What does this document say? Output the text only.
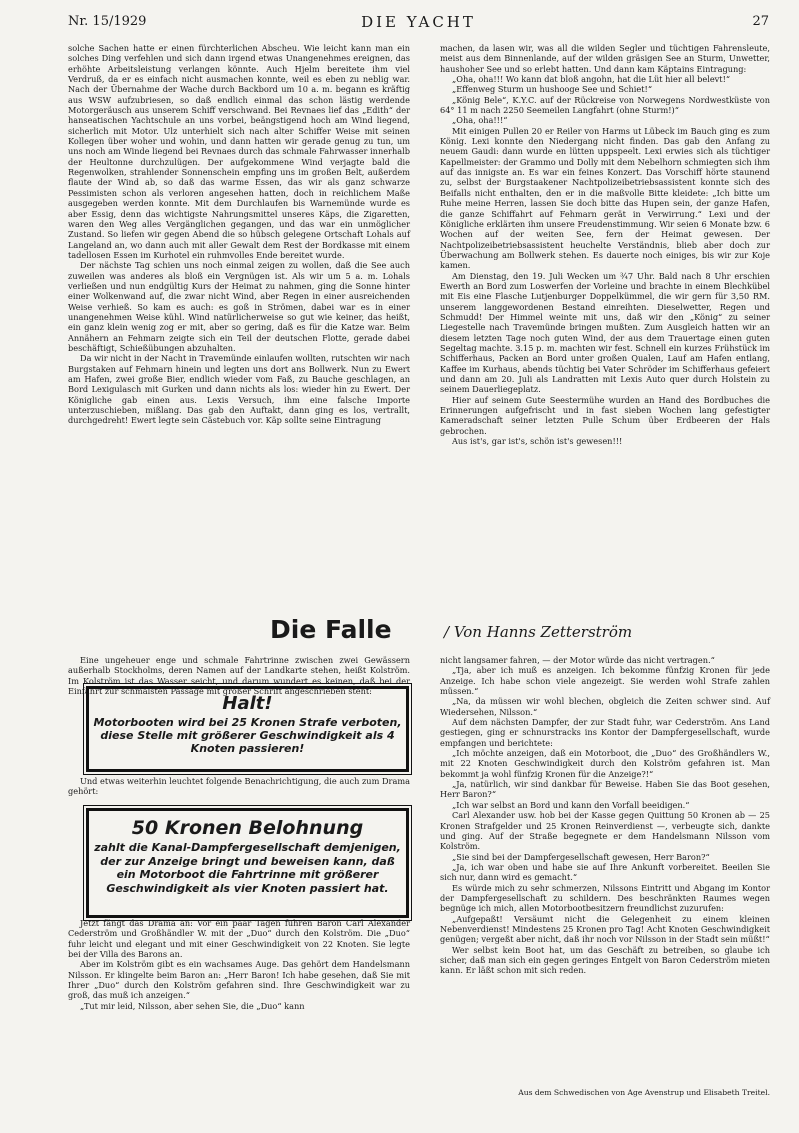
Nr. 15/1929	DIE YACHT	27

solche Sachen hatte er einen fürchterlichen Abscheu. Wie leicht kann man ein solches Ding verfehlen und sich dann irgend etwas Unangenehmes ereignen, das erhöhte Arbeitsleistung verlangen könnte. Auch Hjelm bereitete ihm viel Verdruß, da er es einfach nicht ausmachen konnte, weil es eben zu neblig war. Nach der Übernahme der Wache durch Backbord um 10 a. m. begann es kräftig aus WSW aufzubriesen, so daß endlich einmal das schon lästig werdende Motorgeräusch aus unserem Schiff verschwand. Bei Revnaes lief das „Edith“ der hanseatischen Yachtschule an uns vorbei, beängstigend hoch am Wind liegend, sicherlich mit Motor. Ulz unterhielt sich nach alter Schiffer Weise mit seinen Kollegen über woher und wohin, und dann hatten wir gerade genug zu tun, um uns noch am Winde liegend bei Revnaes durch das schmale Fahrwasser innerhalb der Heultonne durchzulügen. Der aufgekommene Wind verjagte bald die Regenwolken, strahlender Sonnenschein empfing uns im großen Belt, außerdem flaute der Wind ab, so daß das warme Essen, das wir als ganz schwarze Pessimisten schon als verloren angesehen hatten, doch in reichlichem Maße ausgegeben werden konnte. Mit dem Durchlaufen bis Warnemünde wurde es aber Essig, denn das wichtigste Nahrungsmittel unseres Käps, die Zigaretten, waren den Weg alles Vergänglichen gegangen, und das war ein unmöglicher Zustand. So liefen wir gegen Abend die so hübsch gelegene Ortschaft Lohals auf Langeland an, wo dann auch mit aller Gewalt dem Rest der Bordkasse mit einem tadellosen Essen im Kurhotel ein ruhmvolles Ende bereitet wurde.

Der nächste Tag schien uns noch einmal zeigen zu wollen, daß die See auch zuweilen was anderes als bloß ein Vergnügen ist. Als wir um 5 a. m. Lohals verließen und nun endgültig Kurs der Heimat zu nahmen, ging die Sonne hinter einer Wolkenwand auf, die zwar nicht Wind, aber Regen in einer ausreichenden Weise verhieß. So kam es auch: es goß in Strömen, dabei war es in einer unangenehmen Weise kühl. Wind natürlicherweise so gut wie keiner, das heißt, ein ganz klein wenig zog er mit, aber so gering, daß es für die Katze war. Beim Annähern an Fehmarn zeigte sich ein Teil der deutschen Flotte, gerade dabei beschäftigt, Schießübungen abzuhalten.

Da wir nicht in der Nacht in Travemünde einlaufen wollten, rutschten wir nach Burgstaken auf Fehmarn hinein und legten uns dort ans Bollwerk. Nun zu Ewert am Hafen, zwei große Bier, endlich wieder vom Faß, zu Bauche geschlagen, an Bord Lexigulasch mit Gurken und dann nichts als los: wieder hin zu Ewert. Der Königliche gab einen aus. Lexis Versuch, ihm eine falsche Importe unterzuschieben, mißlang. Das gab den Auftakt, dann ging es los, vertrallt, durchgedreht! Ewert legte sein Cästebuch vor. Käp sollte seine Eintragung

machen, da lasen wir, was all die wilden Segler und tüchtigen Fahrensleute, meist aus dem Binnenlande, auf der wilden gräsigen See an Sturm, Unwetter, haushoher See und so erlebt hatten. Und dann kam Käptains Eintragung:

„Oha, oha!!! Wo kann dat bloß angohn, hat die Lüt hier all belevt!“

„Effenweg Sturm un hushooge See und Schiet!“

„König Bele“, K.Y.C. auf der Rückreise von Norwegens Nordwestküste von 64° 11 m nach 2250 Seemeilen Langfahrt (ohne Sturm!)“

„Oha, oha!!!“

Mit einigen Pullen 20 er Reiler von Harms ut Lübeck im Bauch ging es zum König. Lexi konnte den Niedergang nicht finden. Das gab den Anfang zu neuem Gaudi: dann wurde en lütten uppspeelt. Lexi erwies sich als tüchtiger Kapellmeister: der Grammo und Dolly mit dem Nebelhorn schmiegten sich ihm auf das innigste an. Es war ein feines Konzert. Das Vorschiff hörte staunend zu, selbst der Burgstaakener Nachtpolizeibetriebsassistent konnte sich des Beifalls nicht enthalten, den er in die maßvolle Bitte kleidete: „Ich bitte um Ruhe meine Herren, lassen Sie doch bitte das Hupen sein, der ganze Hafen, die ganze Schiffahrt auf Fehmarn gerät in Verwirrung.“ Lexi und der Königliche erklärten ihm unsere Freudenstimmung. Wir seien 6 Monate bzw. 6 Wochen auf der weiten See, fern der Heimat gewesen. Der Nachtpolizeibetriebsassistent heuchelte Verständnis, blieb aber doch zur Überwachung am Bollwerk stehen. Es dauerte noch einiges, bis wir zur Koje kamen.

Am Dienstag, den 19. Juli Wecken um ¾7 Uhr. Bald nach 8 Uhr erschien Ewerth an Bord zum Loswerfen der Vorleine und brachte in einem Blechkübel mit Eis eine Flasche Lutjenburger Doppelkümmel, die wir gern für 3,50 RM. unserem langgewordenen Bestand einreihten. Dieselwetter, Regen und Schmudd! Der Himmel weinte mit uns, daß wir den „König“ zu seiner Liegestelle nach Travemünde bringen mußten. Zum Ausgleich hatten wir an diesem letzten Tage noch guten Wind, der aus dem Trauertage einen guten Segeltag machte. 3.15 p. m. machten wir fest. Schnell ein kurzes Frühstück im Schifferhaus, Packen an Bord unter großen Qualen, Lauf am Hafen entlang, Kaffee im Kurhaus, abends tüchtig bei Vater Schröder im Schifferhaus gefeiert und dann am 20. Juli als Landratten mit Lexis Auto quer durch Holstein zu seinem Dauerliegeplatz.

Hier auf seinem Gute Seestermühe wurden an Hand des Bordbuches die Erinnerungen aufgefrischt und in fast sieben Wochen lang gefestigter Kameradschaft seiner letzten Pulle Schum über Erdbeeren der Hals gebrochen.

Aus ist's, gar ist's, schön ist's gewesen!!!

Die Falle	/ Von Hanns Zetterström

Eine ungeheuer enge und schmale Fahrtrinne zwischen zwei Gewässern außerhalb Stockholms, deren Namen auf der Landkarte stehen, heißt Kolström. Im Kolström ist das Wasser seicht, und darum wundert es keinen, daß bei der Einfahrt zur schmalsten Passage mit großer Schrift angeschrieben steht:

Halt!
Motorbooten wird bei 25 Kronen Strafe verboten, diese Stelle mit größerer Geschwindigkeit als 4 Knoten passieren!

Und etwas weiterhin leuchtet folgende Benachrichtigung, die auch zum Drama gehört:

50 Kronen Belohnung
zahlt die Kanal-Dampfergesellschaft demjenigen, der zur Anzeige bringt und beweisen kann, daß ein Motorboot die Fahrtrinne mit größerer Geschwindigkeit als vier Knoten passiert hat.

Jetzt fängt das Drama an: Vor ein paar Tagen fuhren Baron Carl Alexander Cederström und Großhändler W. mit der „Duo“ durch den Kolström. Die „Duo“ fuhr leicht und elegant und mit einer Geschwindigkeit von 22 Knoten. Sie legte bei der Villa des Barons an.

Aber im Kolström gibt es ein wachsames Auge. Das gehört dem Handelsmann Nilsson. Er klingelte beim Baron an: „Herr Baron! Ich habe gesehen, daß Sie mit Ihrer „Duo“ durch den Kolström gefahren sind. Ihre Geschwindigkeit war zu groß, das muß ich anzeigen.“

„Tut mir leid, Nilsson, aber sehen Sie, die „Duo“ kann

nicht langsamer fahren, — der Motor würde das nicht vertragen.“

„Tja, aber ich muß es anzeigen. Ich bekomme fünfzig Kronen für jede Anzeige. Ich habe schon viele angezeigt. Sie werden wohl Strafe zahlen müssen.“

„Na, da müssen wir wohl blechen, obgleich die Zeiten schwer sind. Auf Wiedersehen, Nilsson.“

Auf dem nächsten Dampfer, der zur Stadt fuhr, war Cederström. Ans Land gestiegen, ging er schnurstracks ins Kontor der Dampfergesellschaft, wurde empfangen und berichtete:

„Ich möchte anzeigen, daß ein Motorboot, die „Duo“ des Großhändlers W., mit 22 Knoten Geschwindigkeit durch den Kolström gefahren ist. Man bekommt ja wohl fünfzig Kronen für die Anzeige?!“

„Ja, natürlich, wir sind dankbar für Beweise. Haben Sie das Boot gesehen, Herr Baron?“

„Ich war selbst an Bord und kann den Vorfall beeidigen.“

Carl Alexander usw. hob bei der Kasse gegen Quittung 50 Kronen ab — 25 Kronen Strafgelder und 25 Kronen Reinverdienst —, verbeugte sich, dankte und ging. Auf der Straße begegnete er dem Handelsmann Nilsson vom Kolström.

„Sie sind bei der Dampfergesellschaft gewesen, Herr Baron?“

„Ja, ich war oben und habe sie auf Ihre Ankunft vorbereitet. Beeilen Sie sich nur, dann wird es gemacht.“

Es würde mich zu sehr schmerzen, Nilssons Eintritt und Abgang im Kontor der Dampfergesellschaft zu schildern. Des beschränkten Raumes wegen begnüge ich mich, allen Motorbootbesitzern freundlichst zuzurufen:

„Aufgepaßt! Versäumt nicht die Gelegenheit zu einem kleinen Nebenverdienst! Mindestens 25 Kronen pro Tag! Acht Knoten Geschwindigkeit genügen; vergeßt aber nicht, daß ihr noch vor Nilsson in der Stadt sein müßt!“

Wer selbst kein Boot hat, um das Geschäft zu betreiben, so glaube ich sicher, daß man sich ein gegen geringes Entgelt von Baron Cederström mieten kann. Er läßt schon mit sich reden.

Aus dem Schwedischen von Age Avenstrup und Elisabeth Treitel.
